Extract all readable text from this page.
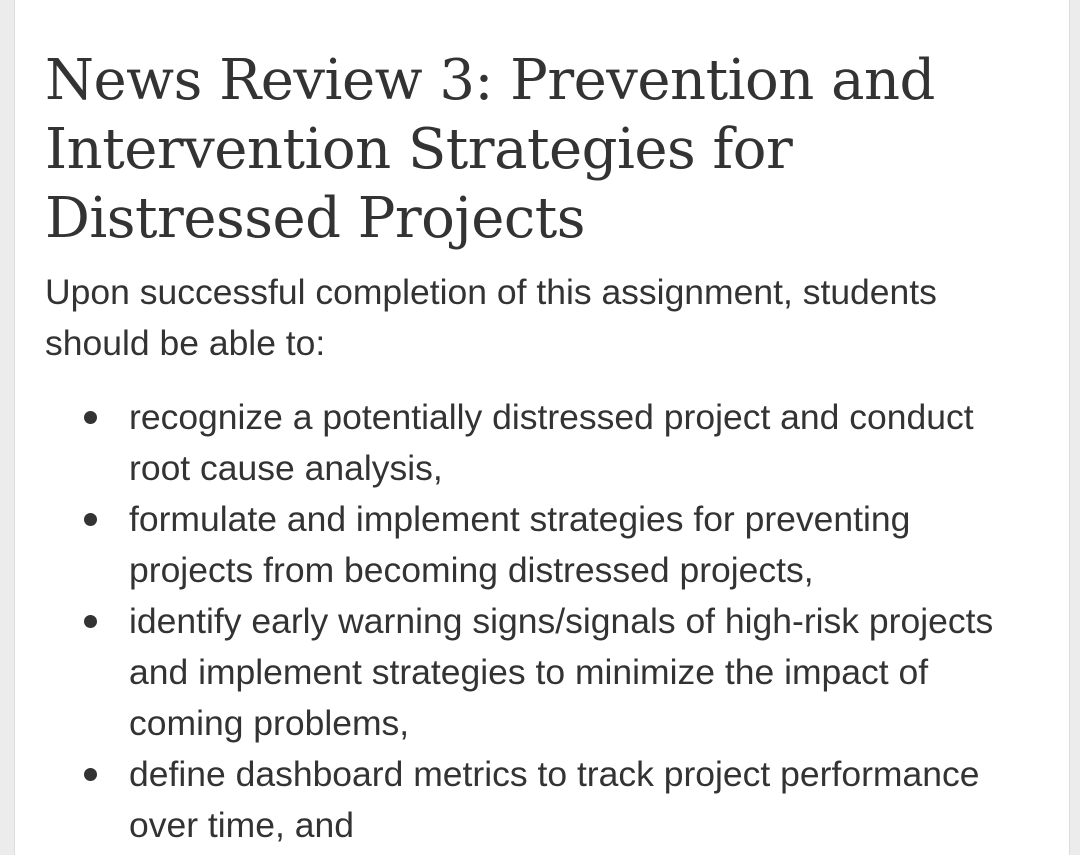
News Review 3: Prevention and Intervention Strategies for Distressed Projects

Upon successful completion of this assignment, students should be able to:

recognize a potentially distressed project and conduct root cause analysis,
formulate and implement strategies for preventing projects from becoming distressed projects,
identify early warning signs/signals of high-risk projects and implement strategies to minimize the impact of coming problems,
define dashboard metrics to track project performance over time, and
